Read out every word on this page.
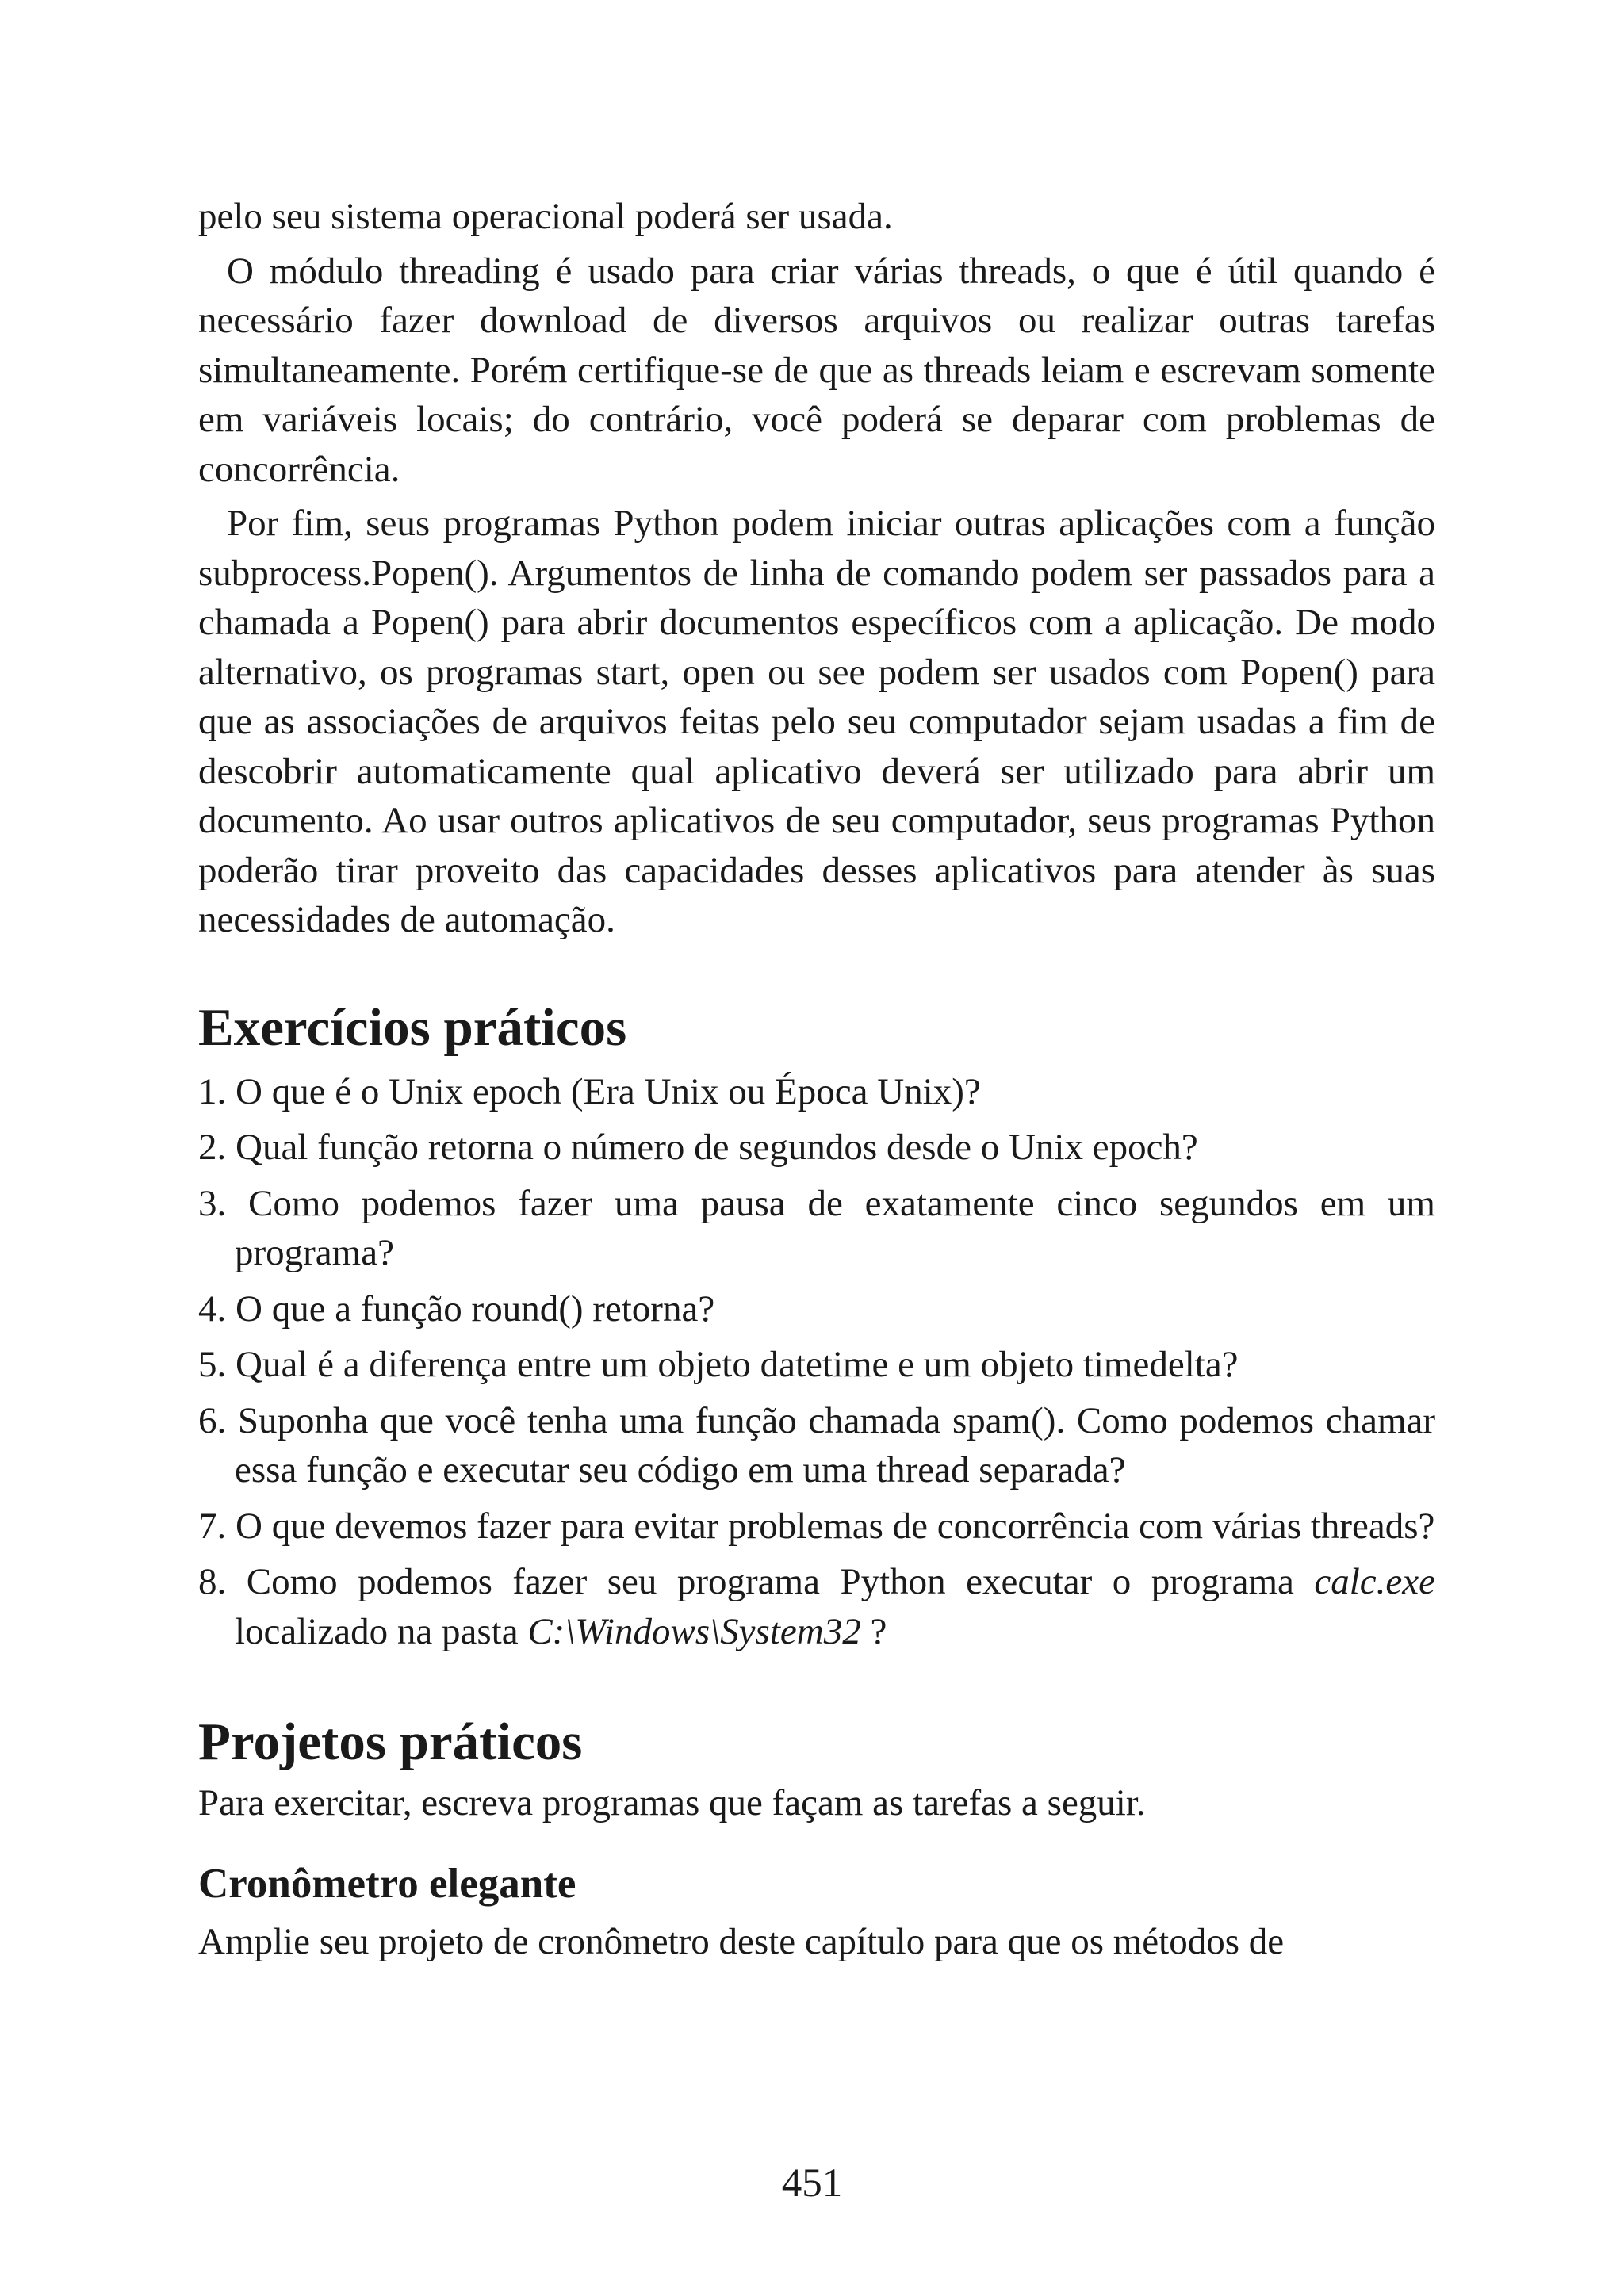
pelo seu sistema operacional poderá ser usada.

O módulo threading é usado para criar várias threads, o que é útil quando é necessário fazer download de diversos arquivos ou realizar outras tarefas simultaneamente. Porém certifique-se de que as threads leiam e escrevam somente em variáveis locais; do contrário, você poderá se deparar com problemas de concorrência.

Por fim, seus programas Python podem iniciar outras aplicações com a função subprocess.Popen(). Argumentos de linha de comando podem ser passados para a chamada a Popen() para abrir documentos específicos com a aplicação. De modo alternativo, os programas start, open ou see podem ser usados com Popen() para que as associações de arquivos feitas pelo seu computador sejam usadas a fim de descobrir automaticamente qual aplicativo deverá ser utilizado para abrir um documento. Ao usar outros aplicativos de seu computador, seus programas Python poderão tirar proveito das capacidades desses aplicativos para atender às suas necessidades de automação.

Exercícios práticos
1. O que é o Unix epoch (Era Unix ou Época Unix)?
2. Qual função retorna o número de segundos desde o Unix epoch?
3. Como podemos fazer uma pausa de exatamente cinco segundos em um programa?
4. O que a função round() retorna?
5. Qual é a diferença entre um objeto datetime e um objeto timedelta?
6. Suponha que você tenha uma função chamada spam(). Como podemos chamar essa função e executar seu código em uma thread separada?
7. O que devemos fazer para evitar problemas de concorrência com várias threads?
8. Como podemos fazer seu programa Python executar o programa calc.exe localizado na pasta C:\Windows\System32 ?
Projetos práticos

Para exercitar, escreva programas que façam as tarefas a seguir.

Cronômetro elegante

Amplie seu projeto de cronômetro deste capítulo para que os métodos de

451
